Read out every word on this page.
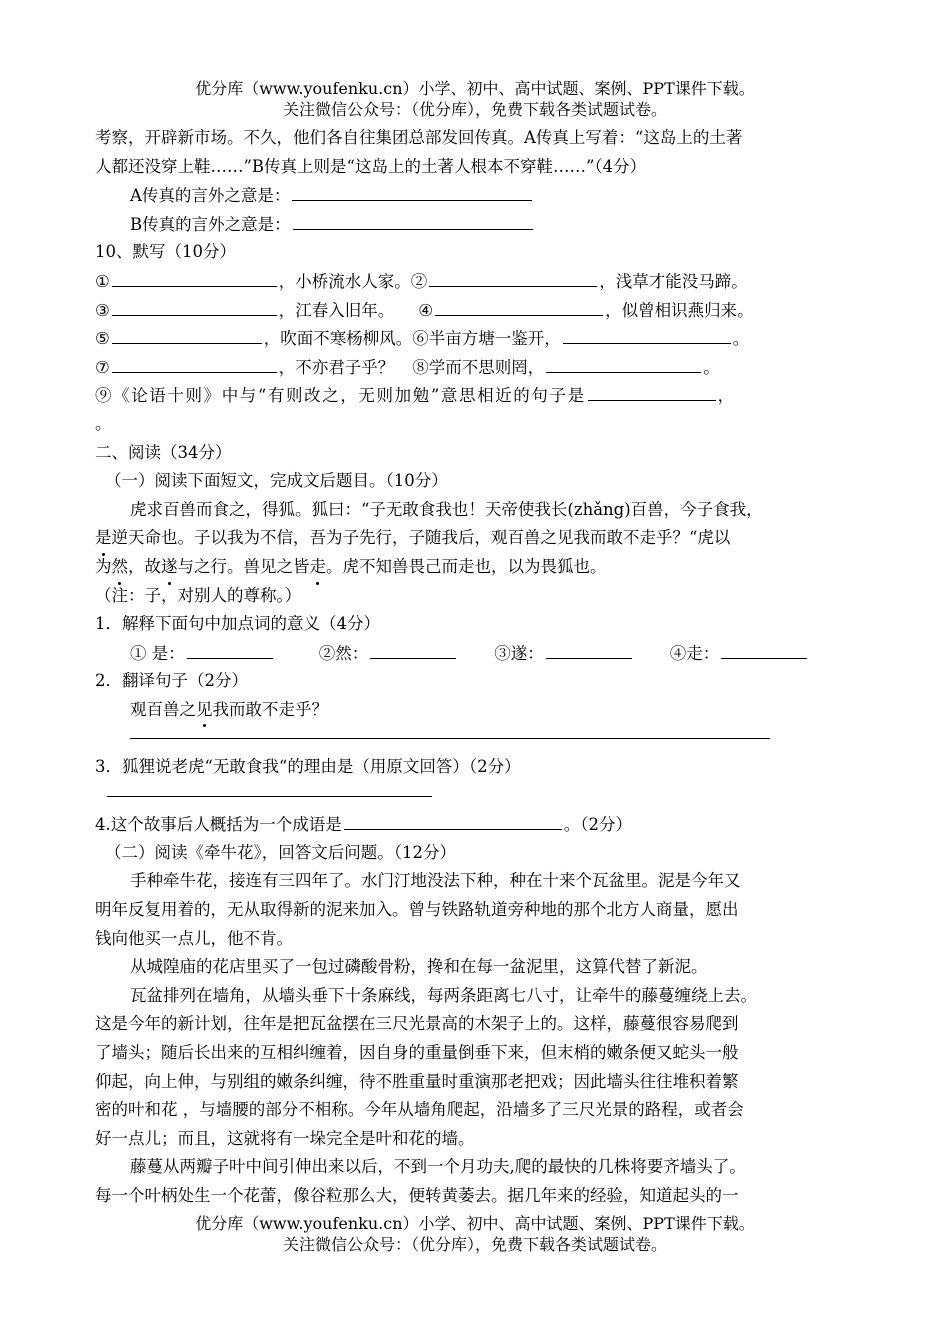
优分库（www.youfenku.cn）小学、初中、高中试题、案例、PPT课件下载。
关注微信公众号：（优分库），免费下载各类试题试卷。
考察，开辟新市场。不久，他们各自往集团总部发回传真。A传真上写着：“这岛上的土著
人都还没穿上鞋……”B传真上则是“这岛上的土著人根本不穿鞋……”（4分）
A传真的言外之意是：
B传真的言外之意是：
10、默写（10分）
①	，小桥流水人家。②	，浅草才能没马蹄。
③	，江春入旧年。 ④	，似曾相识燕归来。
⑤	，吹面不寒杨柳风。⑥半亩方塘一鉴开，	。
⑦	，不亦君子乎？ ⑧学而不思则罔，	。
⑨《论语十则》中与“有则改之，无则加勉”意思相近的句子是	，
。
二、阅读（34分）
（一）阅读下面短文，完成文后题目。（10分）
虎求百兽而食之，得狐。狐曰：“子无敢食我也！天帝使我长(zhǎng)百兽，今子食我，
是逆天命也。子以我为不信，吾为子先行，子随我后，观百兽之见我而敢不走乎？“虎以
为然，故遂与之行。兽见之皆走。虎不知兽畏己而走也，以为畏狐也。
（注：子，对别人的尊称。）
1．解释下面句中加点词的意义（4分）
① 是：	②然：	③遂：	④走：
2．翻译句子（2分）
观百兽之见我而敢不走乎？
3．狐狸说老虎“无敢食我“的理由是（用原文回答）（2分）
4.这个故事后人概括为一个成语是	。（2分）
（二）阅读《牵牛花》，回答文后问题。（12分）
手种牵牛花，接连有三四年了。水门汀地没法下种，种在十来个瓦盆里。泥是今年又
明年反复用着的，无从取得新的泥来加入。曾与铁路轨道旁种地的那个北方人商量，愿出
钱向他买一点儿，他不肯。
从城隍庙的花店里买了一包过磷酸骨粉，搀和在每一盆泥里，这算代替了新泥。
瓦盆排列在墙角，从墙头垂下十条麻线，每两条距离七八寸，让牵牛的藤蔓缠绕上去。
这是今年的新计划，往年是把瓦盆摆在三尺光景高的木架子上的。这样，藤蔓很容易爬到
了墙头；随后长出来的互相纠缠着，因自身的重量倒垂下来，但末梢的嫩条便又蛇头一般
仰起，向上伸，与别组的嫩条纠缠，待不胜重量时重演那老把戏；因此墙头往往堆积着繁
密的叶和花 ，与墙腰的部分不相称。今年从墙角爬起，沿墙多了三尺光景的路程，或者会
好一点儿；而且，这就将有一垛完全是叶和花的墙。
藤蔓从两瓣子叶中间引伸出来以后，不到一个月功夫,爬的最快的几株将要齐墙头了。
每一个叶柄处生一个花蕾，像谷粒那么大，便转黄萎去。据几年来的经验，知道起头的一
优分库（www.youfenku.cn）小学、初中、高中试题、案例、PPT课件下载。
关注微信公众号：（优分库），免费下载各类试题试卷。
